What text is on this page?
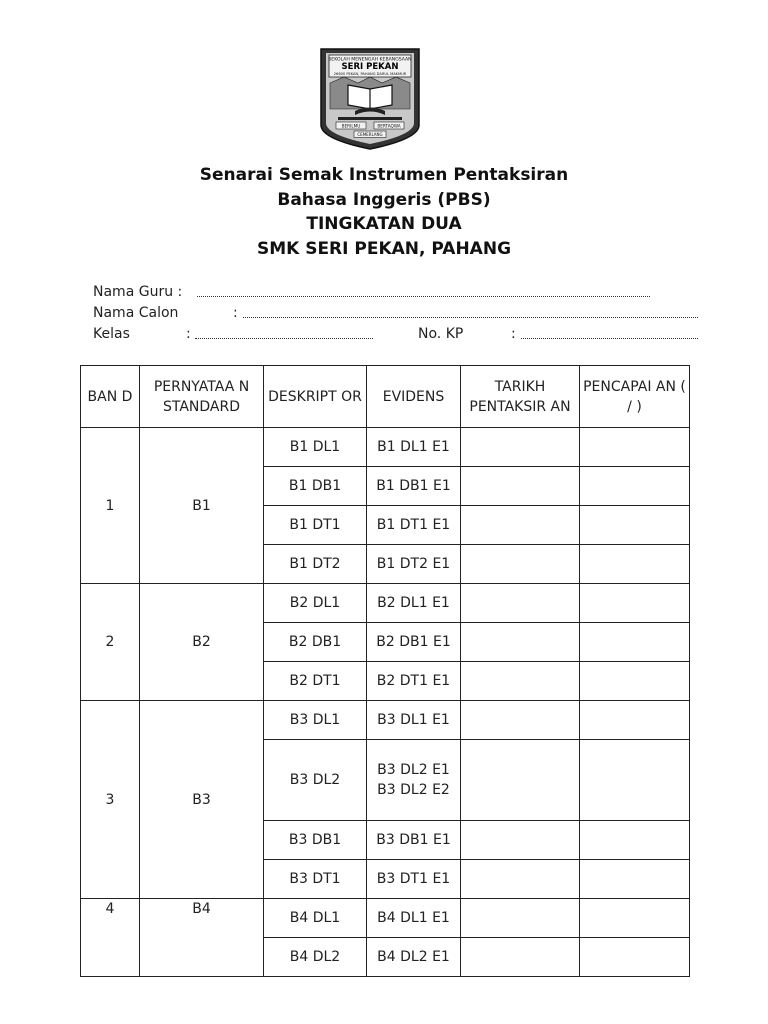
SEKOLAH MENENGAH KEBANGSAAN
SERI PEKAN
26600 PEKAN, PAHANG DARUL MAKMUR
BERILMU	BERTAQWA
CEMERLANG
Senarai Semak Instrumen Pentaksiran
Bahasa Inggeris (PBS)
TINGKATAN DUA
SMK SERI PEKAN, PAHANG
Nama Guru :
Nama Calon	:
Kelas	:	No. KP	:
BAN D	PERNYATAA N STANDARD	DESKRIPT OR	EVIDENS	TARIKH PENTAKSIR AN	PENCAPAI AN ( / )
1	B1	B1 DL1	B1 DL1 E1		

		B1 DB1	B1 DB1 E1		

		B1 DT1	B1 DT1 E1		

		B1 DT2	B1 DT2 E1		

2	B2	B2 DL1	B2 DL1 E1		

		B2 DB1	B2 DB1 E1		

		B2 DT1	B2 DT1 E1		

3	B3	B3 DL1	B3 DL1 E1		

		B3 DL2	B3 DL2 E1
B3 DL2 E2		

		B3 DB1	B3 DB1 E1		

		B3 DT1	B3 DT1 E1		

4	B4	B4 DL1	B4 DL1 E1		

		B4 DL2	B4 DL2 E1		
